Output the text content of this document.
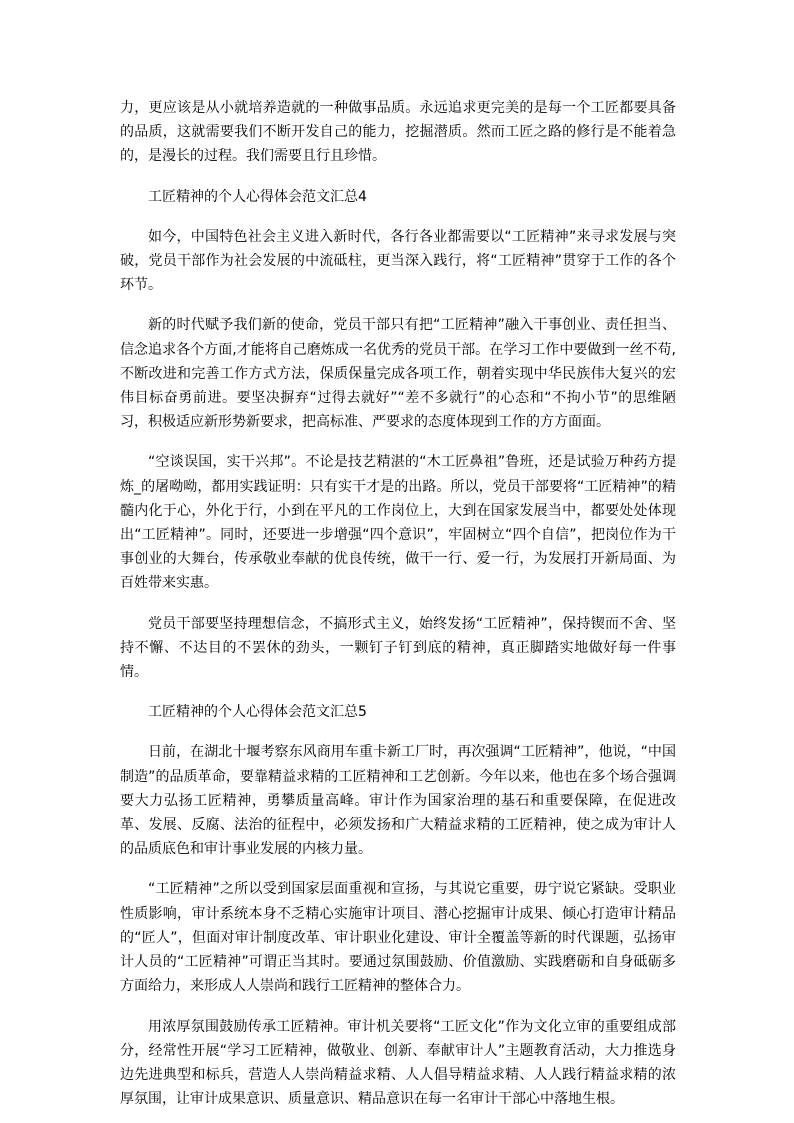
力，更应该是从小就培养造就的一种做事品质。永远追求更完美的是每一个工匠都要具备的品质，这就需要我们不断开发自己的能力，挖掘潜质。然而工匠之路的修行是不能着急的，是漫长的过程。我们需要且行且珍惜。

工匠精神的个人心得体会范文汇总4

如今，中国特色社会主义进入新时代，各行各业都需要以“工匠精神”来寻求发展与突破，党员干部作为社会发展的中流砥柱，更当深入践行，将“工匠精神”贯穿于工作的各个环节。

新的时代赋予我们新的使命，党员干部只有把“工匠精神”融入干事创业、责任担当、信念追求各个方面,才能将自己磨炼成一名优秀的党员干部。在学习工作中要做到一丝不苟,不断改进和完善工作方式方法，保质保量完成各项工作，朝着实现中华民族伟大复兴的宏伟目标奋勇前进。要坚决摒弃“过得去就好”“差不多就行”的心态和“不拘小节”的思维陋习，积极适应新形势新要求，把高标准、严要求的态度体现到工作的方方面面。

“空谈误国，实干兴邦”。不论是技艺精湛的“木工匠鼻祖”鲁班，还是试验万种药方提炼_的屠呦呦，都用实践证明：只有实干才是的出路。所以，党员干部要将“工匠精神”的精髓内化于心，外化于行，小到在平凡的工作岗位上，大到在国家发展当中，都要处处体现出“工匠精神”。同时，还要进一步增强“四个意识”，牢固树立“四个自信”，把岗位作为干事创业的大舞台，传承敬业奉献的优良传统，做干一行、爱一行，为发展打开新局面、为百姓带来实惠。

党员干部要坚持理想信念，不搞形式主义，始终发扬“工匠精神”，保持锲而不舍、坚持不懈、不达目的不罢休的劲头，一颗钉子钉到底的精神，真正脚踏实地做好每一件事情。

工匠精神的个人心得体会范文汇总5

日前，在湖北十堰考察东风商用车重卡新工厂时，再次强调“工匠精神”，他说，“中国制造”的品质革命，要靠精益求精的工匠精神和工艺创新。今年以来，他也在多个场合强调要大力弘扬工匠精神，勇攀质量高峰。审计作为国家治理的基石和重要保障，在促进改革、发展、反腐、法治的征程中，必须发扬和广大精益求精的工匠精神，使之成为审计人的品质底色和审计事业发展的内核力量。

“工匠精神”之所以受到国家层面重视和宣扬，与其说它重要，毋宁说它紧缺。受职业性质影响，审计系统本身不乏精心实施审计项目、潜心挖掘审计成果、倾心打造审计精品的“匠人”，但面对审计制度改革、审计职业化建设、审计全覆盖等新的时代课题，弘扬审计人员的“工匠精神”可谓正当其时。要通过氛围鼓励、价值激励、实践磨砺和自身砥砺多方面给力，来形成人人崇尚和践行工匠精神的整体合力。

用浓厚氛围鼓励传承工匠精神。审计机关要将“工匠文化”作为文化立审的重要组成部分，经常性开展“学习工匠精神，做敬业、创新、奉献审计人”主题教育活动，大力推选身边先进典型和标兵，营造人人崇尚精益求精、人人倡导精益求精、人人践行精益求精的浓厚氛围，让审计成果意识、质量意识、精品意识在每一名审计干部心中落地生根。
